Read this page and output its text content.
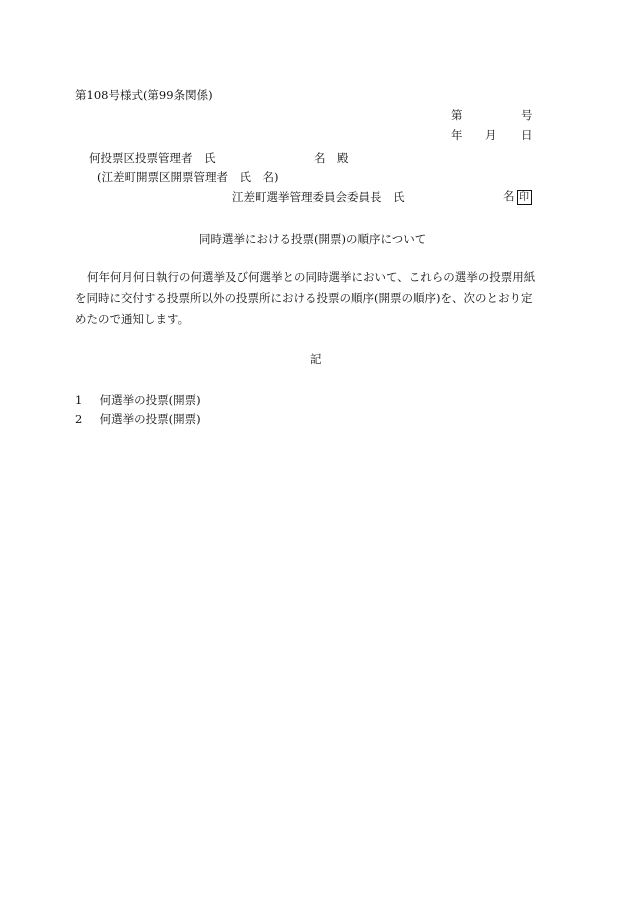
第108号様式(第99条関係)
第	号
年 月 日
何投票区投票管理者　氏	名　殿
(江差町開票区開票管理者　氏　名)
江差町選挙管理委員会委員長　氏	名 印
同時選挙における投票(開票)の順序について
何年何月何日執行の何選挙及び何選挙との同時選挙において、これらの選挙の投票用紙
を同時に交付する投票所以外の投票所における投票の順序(開票の順序)を、次のとおり定
めたので通知します。
記
1 何選挙の投票(開票)
2 何選挙の投票(開票)
